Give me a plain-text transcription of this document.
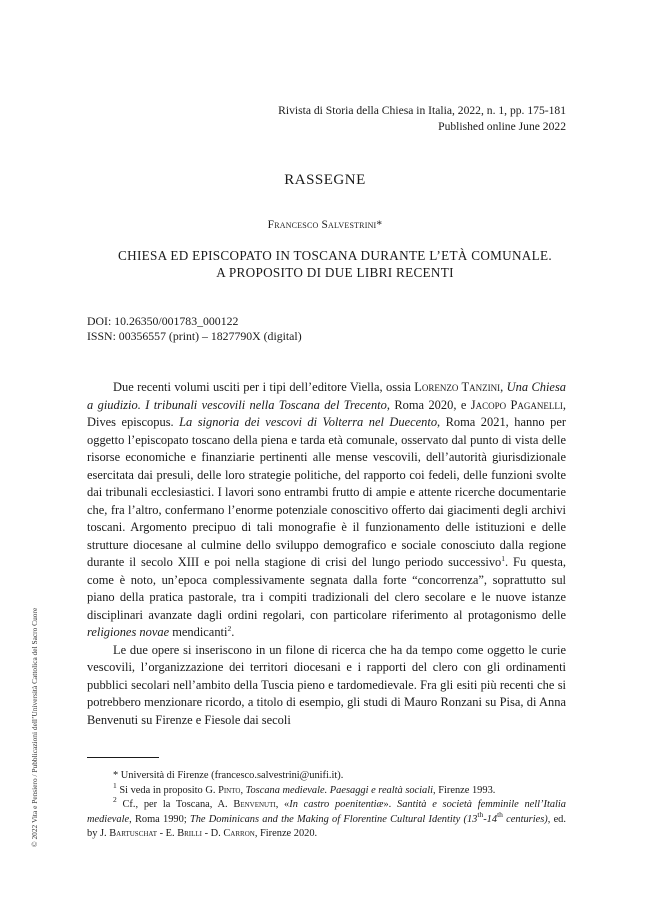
Rivista di Storia della Chiesa in Italia, 2022, n. 1, pp. 175-181
Published online June 2022
RASSEGNE
Francesco Salvestrini*
CHIESA ED EPISCOPATO IN TOSCANA DURANTE L’ETÀ COMUNALE.
A PROPOSITO DI DUE LIBRI RECENTI
DOI: 10.26350/001783_000122
ISSN: 00356557 (print) – 1827790X (digital)

Due recenti volumi usciti per i tipi dell’editore Viella, ossia Lorenzo Tanzini, Una Chiesa a giudizio. I tribunali vescovili nella Toscana del Trecento, Roma 2020, e Jacopo Paganelli, Dives episcopus. La signoria dei vescovi di Volterra nel Duecento, Roma 2021, hanno per oggetto l’episcopato toscano della piena e tarda età comunale, osservato dal punto di vista delle risorse economiche e finanziarie pertinenti alle mense vescovili, dell’autorità giurisdizionale esercitata dai presuli, delle loro strategie politiche, del rapporto coi fedeli, delle funzioni svolte dai tribunali ecclesiastici. I lavori sono entrambi frutto di ampie e attente ricerche documentarie che, fra l’altro, confermano l’enorme potenziale conoscitivo offerto dai giacimenti degli archivi toscani. Argomento precipuo di tali monografie è il funzionamento delle istituzioni e delle strutture diocesane al culmine dello sviluppo demografico e sociale conosciuto dalla regione durante il secolo XIII e poi nella stagione di crisi del lungo periodo successivo$^1$. Fu questa, come è noto, un’epoca complessivamente segnata dalla forte “concorrenza”, soprattutto sul piano della pratica pastorale, tra i compiti tradizionali del clero secolare e le nuove istanze disciplinari avanzate dagli ordini regolari, con particolare riferimento al protagonismo delle religiones novae mendicanti$^2$.

Le due opere si inseriscono in un filone di ricerca che ha da tempo come oggetto le curie vescovili, l’organizzazione dei territori diocesani e i rapporti del clero con gli ordinamenti pubblici secolari nell’ambito della Tuscia pieno e tardomedievale. Fra gli esiti più recenti che si potrebbero menzionare ricordo, a titolo di esempio, gli studi di Mauro Ronzani su Pisa, di Anna Benvenuti su Firenze e Fiesole dai secoli

* Università di Firenze (francesco.salvestrini@unifi.it).

$^1$ Si veda in proposito G. Pinto, Toscana medievale. Paesaggi e realtà sociali, Firenze 1993.

$^2$ Cf., per la Toscana, A. Benvenuti, «In castro poenitentiæ». Santità e società femminile nell’Italia medievale, Roma 1990; The Dominicans and the Making of Florentine Cultural Identity (13th-14th centuries), ed. by J. Bartuschat - E. Brilli - D. Carron, Firenze 2020.

© 2022 Vita e Pensiero / Pubblicazioni dell’Università Cattolica del Sacro Cuore
